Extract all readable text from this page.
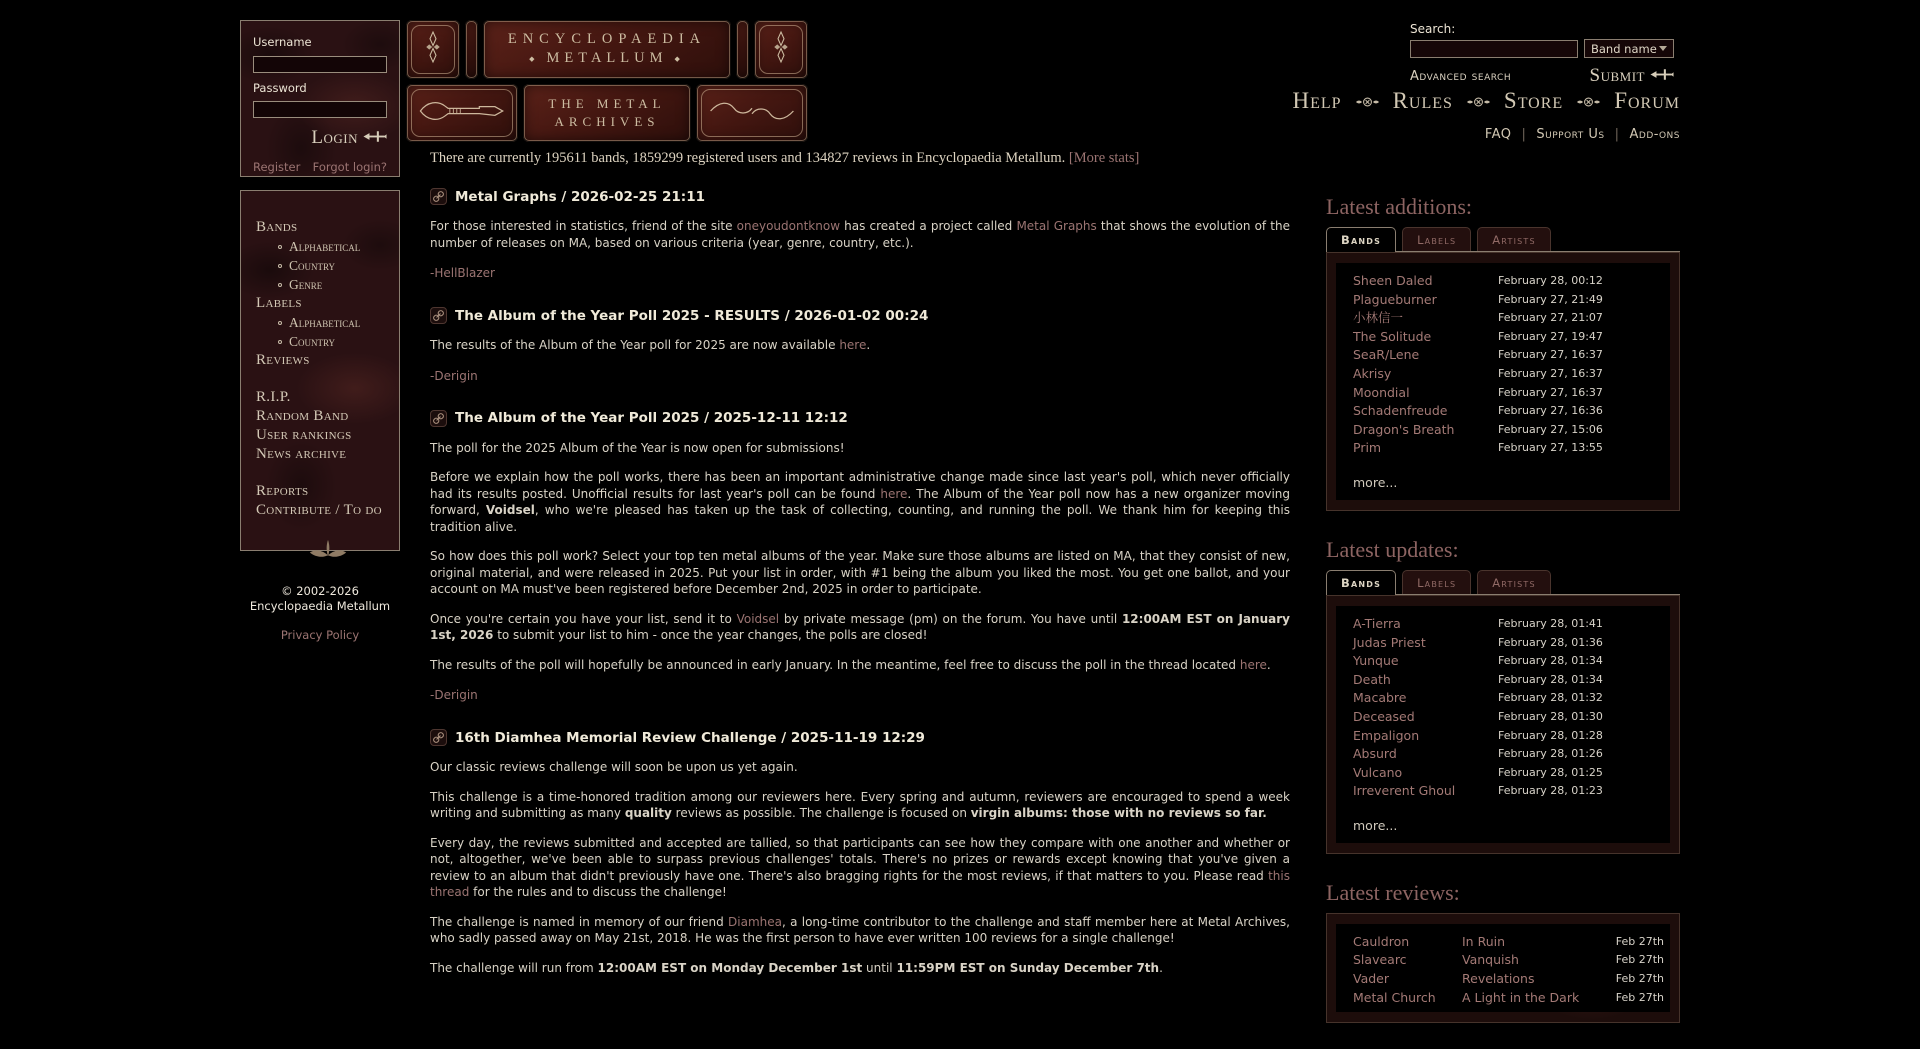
Username
Password
Login
Register Forgot login?
ENCYCLOPAEDIA
◆ METALLUM ◆
THE METAL
ARCHIVES
Search:
Band name
Advanced search	Submit
Help Rules Store Forum
FAQ | Support Us | Add-ons
Bands
Alphabetical
Country
Genre
Labels
Alphabetical
Country
Reviews
R.I.P.
Random Band
User rankings
News archive
Reports
Contribute / To do
© 2002-2026
Encyclopaedia Metallum
Privacy Policy
There are currently 195611 bands, 1859299 registered users and 134827 reviews in Encyclopaedia Metallum. [More stats]
Metal Graphs / 2026-02-25 21:11

For those interested in statistics, friend of the site oneyoudontknow has created a project called Metal Graphs that shows the evolution of the number of releases on MA, based on various criteria (year, genre, country, etc.).

-HellBlazer
The Album of the Year Poll 2025 - RESULTS / 2026-01-02 00:24

The results of the Album of the Year poll for 2025 are now available here.

-Derigin
The Album of the Year Poll 2025 / 2025-12-11 12:12

The poll for the 2025 Album of the Year is now open for submissions!

Before we explain how the poll works, there has been an important administrative change made since last year's poll, which never officially had its results posted. Unofficial results for last year's poll can be found here. The Album of the Year poll now has a new organizer moving forward, Voidsel, who we're pleased has taken up the task of collecting, counting, and running the poll. We thank him for keeping this tradition alive.

So how does this poll work? Select your top ten metal albums of the year. Make sure those albums are listed on MA, that they consist of new, original material, and were released in 2025. Put your list in order, with #1 being the album you liked the most. You get one ballot, and your account on MA must've been registered before December 2nd, 2025 in order to participate.

Once you're certain you have your list, send it to Voidsel by private message (pm) on the forum. You have until 12:00AM EST on January 1st, 2026 to submit your list to him - once the year changes, the polls are closed!

The results of the poll will hopefully be announced in early January. In the meantime, feel free to discuss the poll in the thread located here.

-Derigin
16th Diamhea Memorial Review Challenge / 2025-11-19 12:29

Our classic reviews challenge will soon be upon us yet again.

This challenge is a time-honored tradition among our reviewers here. Every spring and autumn, reviewers are encouraged to spend a week writing and submitting as many quality reviews as possible. The challenge is focused on virgin albums: those with no reviews so far.

Every day, the reviews submitted and accepted are tallied, so that participants can see how they compare with one another and whether or not, altogether, we've been able to surpass previous challenges' totals. There's no prizes or rewards except knowing that you've given a review to an album that didn't previously have one. There's also bragging rights for the most reviews, if that matters to you. Please read this thread for the rules and to discuss the challenge!

The challenge is named in memory of our friend Diamhea, a long-time contributor to the challenge and staff member here at Metal Archives, who sadly passed away on May 21st, 2018. He was the first person to have ever written 100 reviews for a single challenge!

The challenge will run from 12:00AM EST on Monday December 1st until 11:59PM EST on Sunday December 7th.

Latest additions:
Bands	Labels	Artists
Sheen Daled	February 28, 00:12
Plagueburner	February 27, 21:49
小林信一	February 27, 21:07
The Solitude	February 27, 19:47
SeaR/Lene	February 27, 16:37
Akrisy	February 27, 16:37
Moondial	February 27, 16:37
Schadenfreude	February 27, 16:36
Dragon's Breath	February 27, 15:06
Prim	February 27, 13:55
more...
Latest updates:
Bands	Labels	Artists
A-Tierra	February 28, 01:41
Judas Priest	February 28, 01:36
Yunque	February 28, 01:34
Death	February 28, 01:34
Macabre	February 28, 01:32
Deceased	February 28, 01:30
Empaligon	February 28, 01:28
Absurd	February 28, 01:26
Vulcano	February 28, 01:25
Irreverent Ghoul	February 28, 01:23
more...
Latest reviews:
Cauldron	In Ruin	Feb 27th
Slavearc	Vanquish	Feb 27th
Vader	Revelations	Feb 27th
Metal Church	A Light in the Dark	Feb 27th
